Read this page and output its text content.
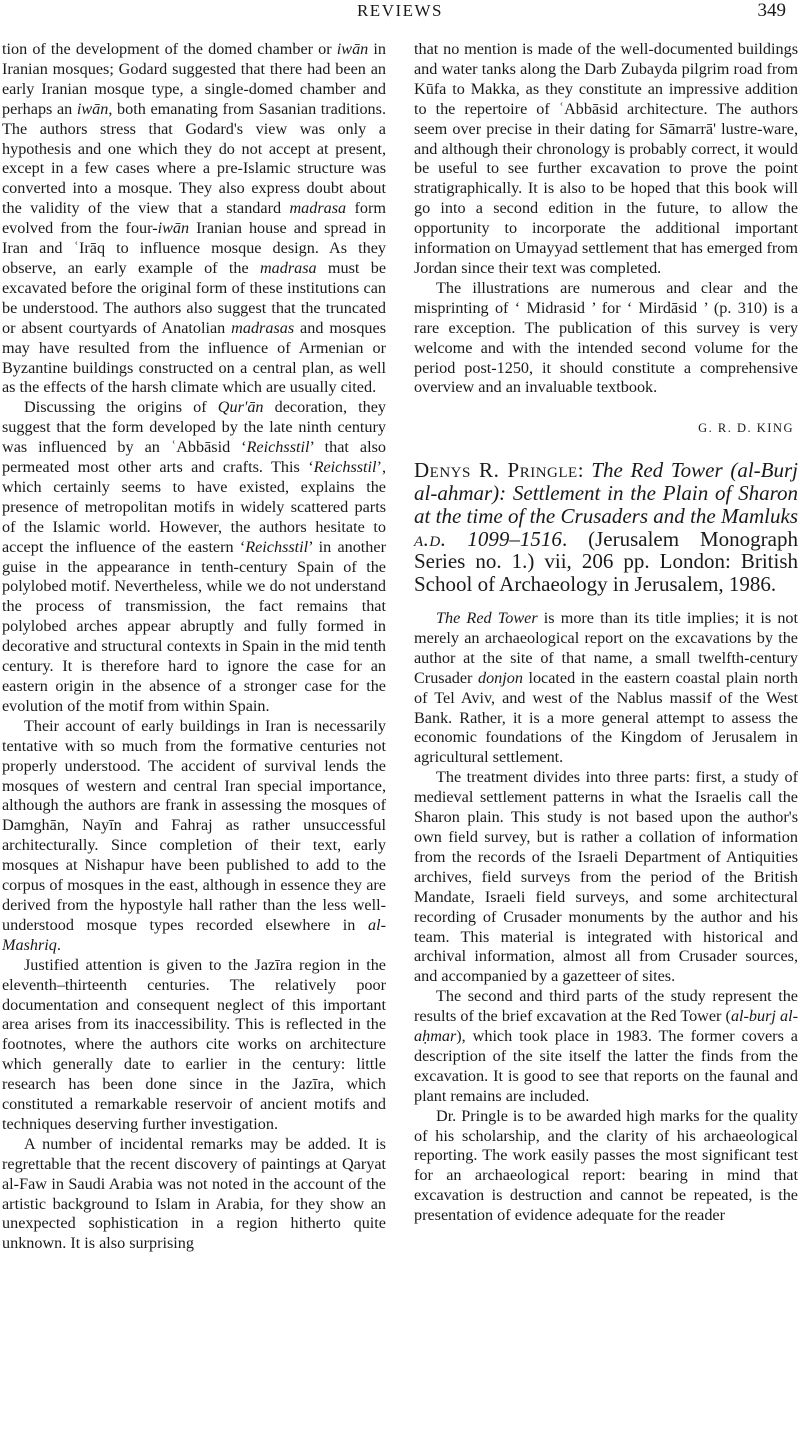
REVIEWS	349

tion of the development of the domed chamber or iwān in Iranian mosques; Godard suggested that there had been an early Iranian mosque type, a single-domed chamber and perhaps an iwān, both emanating from Sasanian traditions. The authors stress that Godard's view was only a hypothesis and one which they do not accept at present, except in a few cases where a pre-Islamic structure was converted into a mosque. They also express doubt about the validity of the view that a standard madrasa form evolved from the four-iwān Iranian house and spread in Iran and ʿIrāq to influence mosque design. As they observe, an early example of the madrasa must be excavated before the original form of these institutions can be understood. The authors also suggest that the truncated or absent courtyards of Anatolian madrasas and mosques may have resulted from the influence of Armenian or Byzantine buildings constructed on a central plan, as well as the effects of the harsh climate which are usually cited.

Discussing the origins of Qur'ān decoration, they suggest that the form developed by the late ninth century was influenced by an ʿAbbāsid ‘Reichsstil’ that also permeated most other arts and crafts. This ‘Reichsstil’, which certainly seems to have existed, explains the presence of metropolitan motifs in widely scattered parts of the Islamic world. However, the authors hesitate to accept the influence of the eastern ‘Reichsstil’ in another guise in the appearance in tenth-century Spain of the polylobed motif. Nevertheless, while we do not understand the process of transmission, the fact remains that polylobed arches appear abruptly and fully formed in decorative and structural contexts in Spain in the mid tenth century. It is therefore hard to ignore the case for an eastern origin in the absence of a stronger case for the evolution of the motif from within Spain.

Their account of early buildings in Iran is necessarily tentative with so much from the formative centuries not properly understood. The accident of survival lends the mosques of western and central Iran special importance, although the authors are frank in assessing the mosques of Damghān, Nayīn and Fahraj as rather unsuccessful architecturally. Since completion of their text, early mosques at Nishapur have been published to add to the corpus of mosques in the east, although in essence they are derived from the hypostyle hall rather than the less well-understood mosque types recorded elsewhere in al-Mashriq.

Justified attention is given to the Jazīra region in the eleventh–thirteenth centuries. The relatively poor documentation and consequent neglect of this important area arises from its inaccessibility. This is reflected in the footnotes, where the authors cite works on architecture which generally date to earlier in the century: little research has been done since in the Jazīra, which constituted a remarkable reservoir of ancient motifs and techniques deserving further investigation.

A number of incidental remarks may be added. It is regrettable that the recent discovery of paintings at Qaryat al-Faw in Saudi Arabia was not noted in the account of the artistic background to Islam in Arabia, for they show an unexpected sophistication in a region hitherto quite unknown. It is also surprising

that no mention is made of the well-documented buildings and water tanks along the Darb Zubayda pilgrim road from Kūfa to Makka, as they constitute an impressive addition to the repertoire of ʿAbbāsid architecture. The authors seem over precise in their dating for Sāmarrā' lustre-ware, and although their chronology is probably correct, it would be useful to see further excavation to prove the point stratigraphically. It is also to be hoped that this book will go into a second edition in the future, to allow the opportunity to incorporate the additional important information on Umayyad settlement that has emerged from Jordan since their text was completed.

The illustrations are numerous and clear and the misprinting of ‘ Midrasid ’ for ‘ Mirdāsid ’ (p. 310) is a rare exception. The publication of this survey is very welcome and with the intended second volume for the period post-1250, it should constitute a comprehensive overview and an invaluable textbook.

G. R. D. KING
Denys R. Pringle: The Red Tower (al-Burj al-ahmar): Settlement in the Plain of Sharon at the time of the Crusaders and the Mamluks a.d. 1099–1516. (Jerusalem Monograph Series no. 1.) vii, 206 pp. London: British School of Archaeology in Jerusalem, 1986.

The Red Tower is more than its title implies; it is not merely an archaeological report on the excavations by the author at the site of that name, a small twelfth-century Crusader donjon located in the eastern coastal plain north of Tel Aviv, and west of the Nablus massif of the West Bank. Rather, it is a more general attempt to assess the economic foundations of the Kingdom of Jerusalem in agricultural settlement.

The treatment divides into three parts: first, a study of medieval settlement patterns in what the Israelis call the Sharon plain. This study is not based upon the author's own field survey, but is rather a collation of information from the records of the Israeli Department of Antiquities archives, field surveys from the period of the British Mandate, Israeli field surveys, and some architectural recording of Crusader monuments by the author and his team. This material is integrated with historical and archival information, almost all from Crusader sources, and accompanied by a gazetteer of sites.

The second and third parts of the study represent the results of the brief excavation at the Red Tower (al-burj al-aḥmar), which took place in 1983. The former covers a description of the site itself the latter the finds from the excavation. It is good to see that reports on the faunal and plant remains are included.

Dr. Pringle is to be awarded high marks for the quality of his scholarship, and the clarity of his archaeological reporting. The work easily passes the most significant test for an archaeological report: bearing in mind that excavation is destruction and cannot be repeated, is the presentation of evidence adequate for the reader
